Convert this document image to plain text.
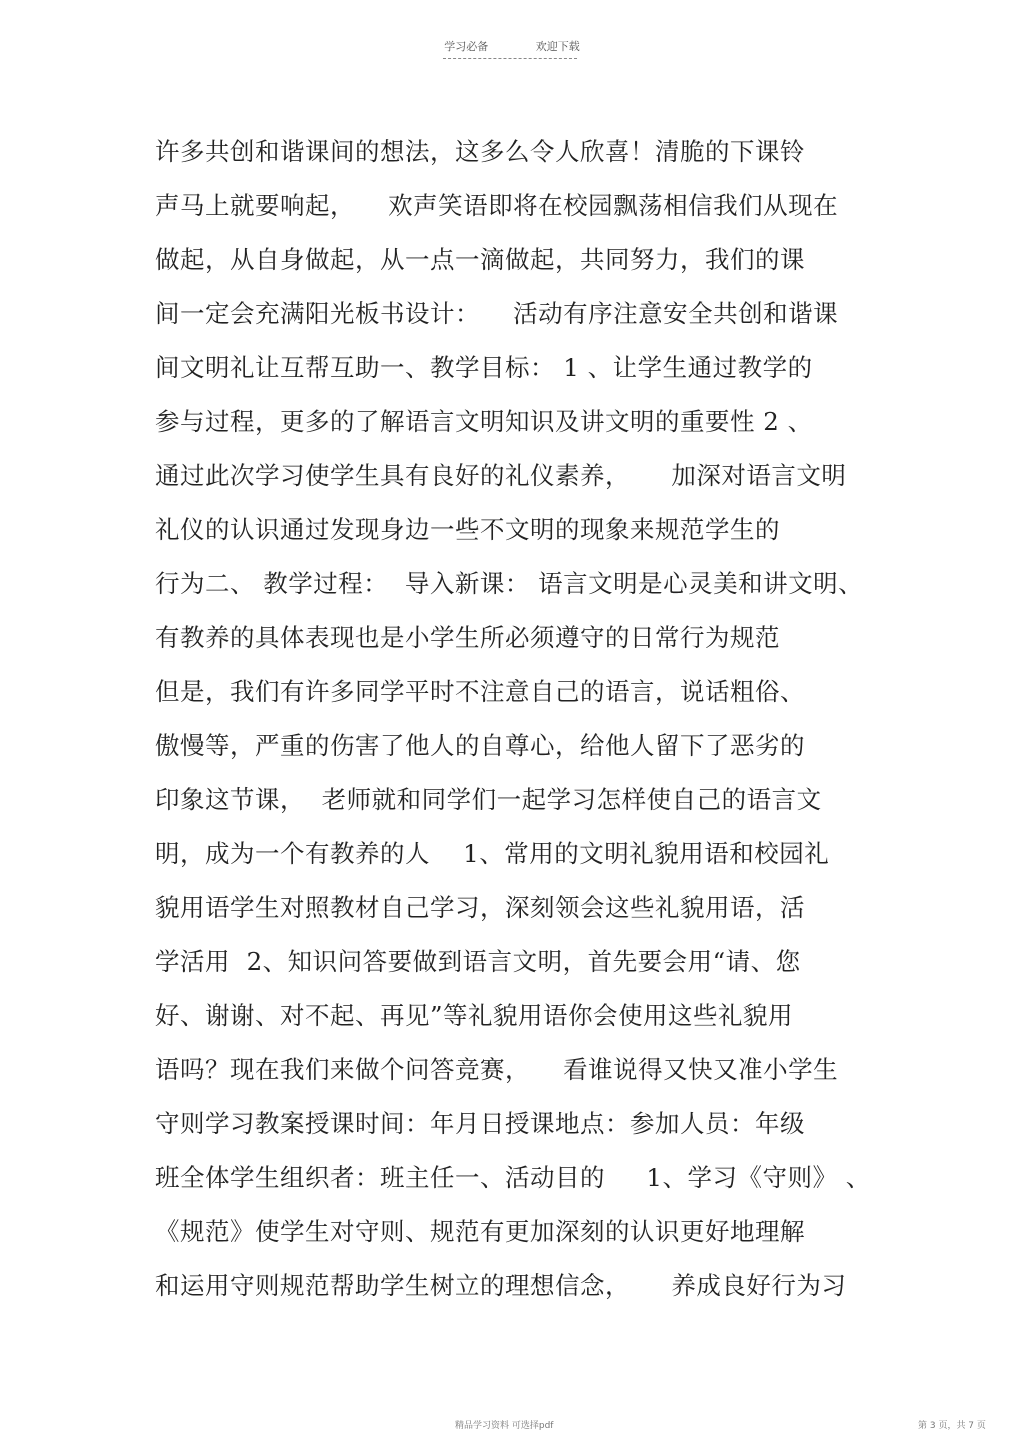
学习必备	欢迎下载
许多共创和谐课间的想法，这多么令人欣喜！清脆的下课铃
声马上就要响起，    欢声笑语即将在校园飘荡相信我们从现在
做起，从自身做起，从一点一滴做起，共同努力，我们的课
间一定会充满阳光板书设计：    活动有序注意安全共创和谐课
间文明礼让互帮互助一、教学目标： 1 、让学生通过教学的
参与过程，更多的了解语言文明知识及讲文明的重要性 2 、
通过此次学习使学生具有良好的礼仪素养，     加深对语言文明
礼仪的认识通过发现身边一些不文明的现象来规范学生的
行为二、 教学过程：  导入新课： 语言文明是心灵美和讲文明、
有教养的具体表现也是小学生所必须遵守的日常行为规范
但是，我们有许多同学平时不注意自己的语言，说话粗俗、
傲慢等，严重的伤害了他人的自尊心，给他人留下了恶劣的
印象这节课，  老师就和同学们一起学习怎样使自己的语言文
明，成为一个有教养的人    1、常用的文明礼貌用语和校园礼
貌用语学生对照教材自己学习，深刻领会这些礼貌用语，活
学活用  2、知识问答要做到语言文明，首先要会用“请、您
好、谢谢、对不起、再见”等礼貌用语你会使用这些礼貌用
语吗？现在我们来做个问答竞赛，    看谁说得又快又准小学生
守则学习教案授课时间：年月日授课地点：参加人员：年级
班全体学生组织者：班主任一、活动目的     1、学习《守则》 、
《规范》使学生对守则、规范有更加深刻的认识更好地理解
和运用守则规范帮助学生树立的理想信念，     养成良好行为习
精品学习资料 可选择pdf	第 3 页，共 7 页
